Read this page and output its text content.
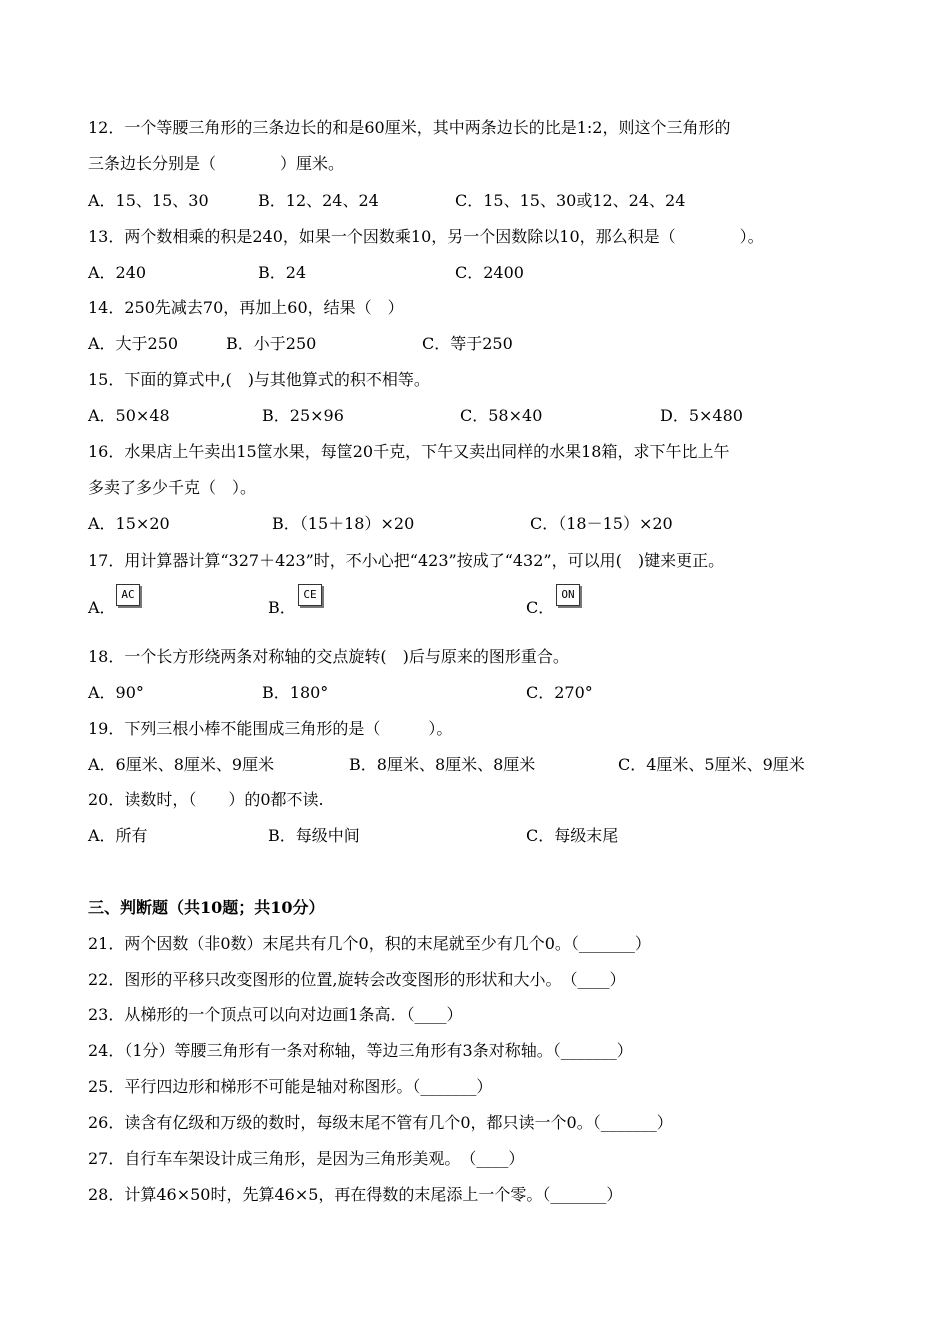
12．一个等腰三角形的三条边长的和是60厘米，其中两条边长的比是1:2，则这个三角形的
三条边长分别是（　　　　）厘米。
A．15、15、30	B．12、24、24	C．15、15、30或12、24、24
13．两个数相乘的积是240，如果一个因数乘10，另一个因数除以10，那么积是（　　　　）。
A．240	B．24	C．2400
14．250先减去70，再加上60，结果（　）
A．大于250	B．小于250	C．等于250
15．下面的算式中,(　)与其他算式的积不相等。
A．50×48	B．25×96	C．58×40	D．5×480
16．水果店上午卖出15筐水果，每筐20千克，下午又卖出同样的水果18箱，求下午比上午
多卖了多少千克（　）。
A．15×20	B．（15＋18）×20	C．（18－15）×20
17．用计算器计算“327＋423”时，不小心把“423”按成了“432”，可以用(　)键来更正。
A．
AC
B．
CE
C．
ON
18．一个长方形绕两条对称轴的交点旋转(　)后与原来的图形重合。
A．90°	B．180°	C．270°
19．下列三根小棒不能围成三角形的是（　　　）。
A．6厘米、8厘米、9厘米	B．8厘米、8厘米、8厘米	C．4厘米、5厘米、9厘米
20．读数时，（　　）的0都不读.
A．所有	B．每级中间	C．每级末尾
三、判断题（共10题；共10分）
21．两个因数（非0数）末尾共有几个0，积的末尾就至少有几个0。（_______）
22．图形的平移只改变图形的位置,旋转会改变图形的形状和大小。　（____）
23．从梯形的一个顶点可以向对边画1条高．（____）
24．（1分）等腰三角形有一条对称轴，等边三角形有3条对称轴。（_______）
25．平行四边形和梯形不可能是轴对称图形。（_______）
26．读含有亿级和万级的数时，每级末尾不管有几个0，都只读一个0。（_______）
27．自行车车架设计成三角形，是因为三角形美观。　（____）
28．计算46×50时，先算46×5，再在得数的末尾添上一个零。（_______）
